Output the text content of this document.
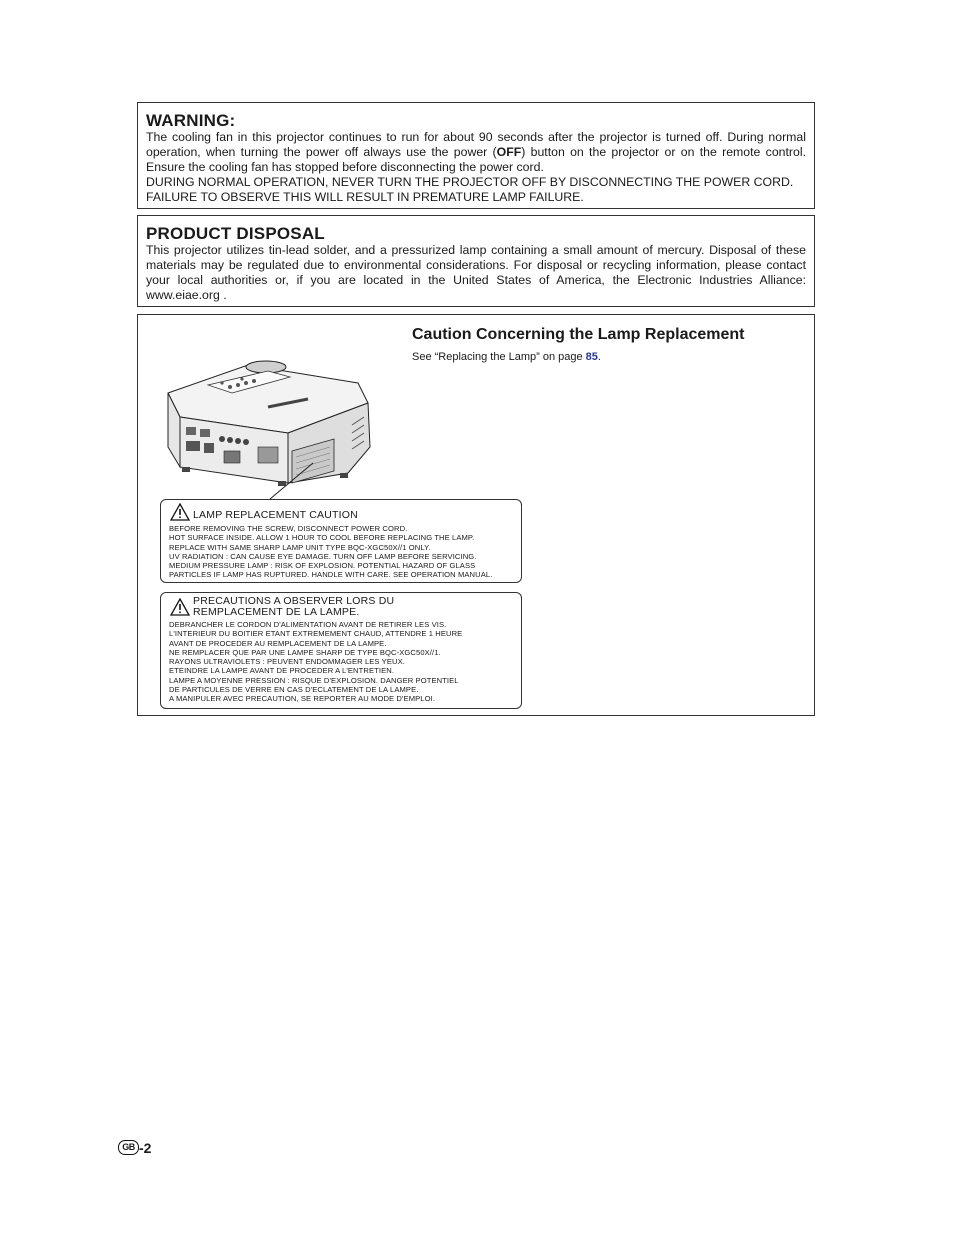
WARNING:

The cooling fan in this projector continues to run for about 90 seconds after the projector is turned off. During normal operation, when turning the power off always use the power (OFF) button on the projector or on the remote control. Ensure the cooling fan has stopped before disconnecting the power cord.

DURING NORMAL OPERATION, NEVER TURN THE PROJECTOR OFF BY DISCONNECTING THE POWER CORD. FAILURE TO OBSERVE THIS WILL RESULT IN PREMATURE LAMP FAILURE.

PRODUCT DISPOSAL

This projector utilizes tin-lead solder, and a pressurized lamp containing a small amount of mercury. Disposal of these materials may be regulated due to environmental considerations. For disposal or recycling information, please contact your local authorities or, if you are located in the United States of America, the Electronic Industries Alliance: www.eiae.org .

Caution Concerning the Lamp Replacement
See “Replacing the Lamp” on page 85.
LAMP REPLACEMENT CAUTION
BEFORE REMOVING THE SCREW, DISCONNECT POWER CORD.
HOT SURFACE INSIDE. ALLOW 1 HOUR TO COOL BEFORE REPLACING THE LAMP.
REPLACE WITH SAME SHARP LAMP UNIT TYPE BQC-XGC50X//1 ONLY.
UV RADIATION : CAN CAUSE EYE DAMAGE. TURN OFF LAMP BEFORE SERVICING.
MEDIUM PRESSURE LAMP : RISK OF EXPLOSION. POTENTIAL HAZARD OF GLASS
PARTICLES IF LAMP HAS RUPTURED. HANDLE WITH CARE. SEE OPERATION MANUAL.
PRECAUTIONS A OBSERVER LORS DU
REMPLACEMENT DE LA LAMPE.
DEBRANCHER LE CORDON D'ALIMENTATION AVANT DE RETIRER LES VIS.
L'INTERIEUR DU BOITIER ETANT EXTREMEMENT CHAUD, ATTENDRE 1 HEURE
AVANT DE PROCEDER AU REMPLACEMENT DE LA LAMPE.
NE REMPLACER QUE PAR UNE LAMPE SHARP DE TYPE BQC-XGC50X//1.
RAYONS ULTRAVIOLETS : PEUVENT ENDOMMAGER LES YEUX.
ETEINDRE LA LAMPE AVANT DE PROCEDER A L'ENTRETIEN.
LAMPE A MOYENNE PRESSION : RISQUE D'EXPLOSION. DANGER POTENTIEL
DE PARTICULES DE VERRE EN CAS D'ECLATEMENT DE LA LAMPE.
A MANIPULER AVEC PRECAUTION, SE REPORTER AU MODE D'EMPLOI.
GB -2
